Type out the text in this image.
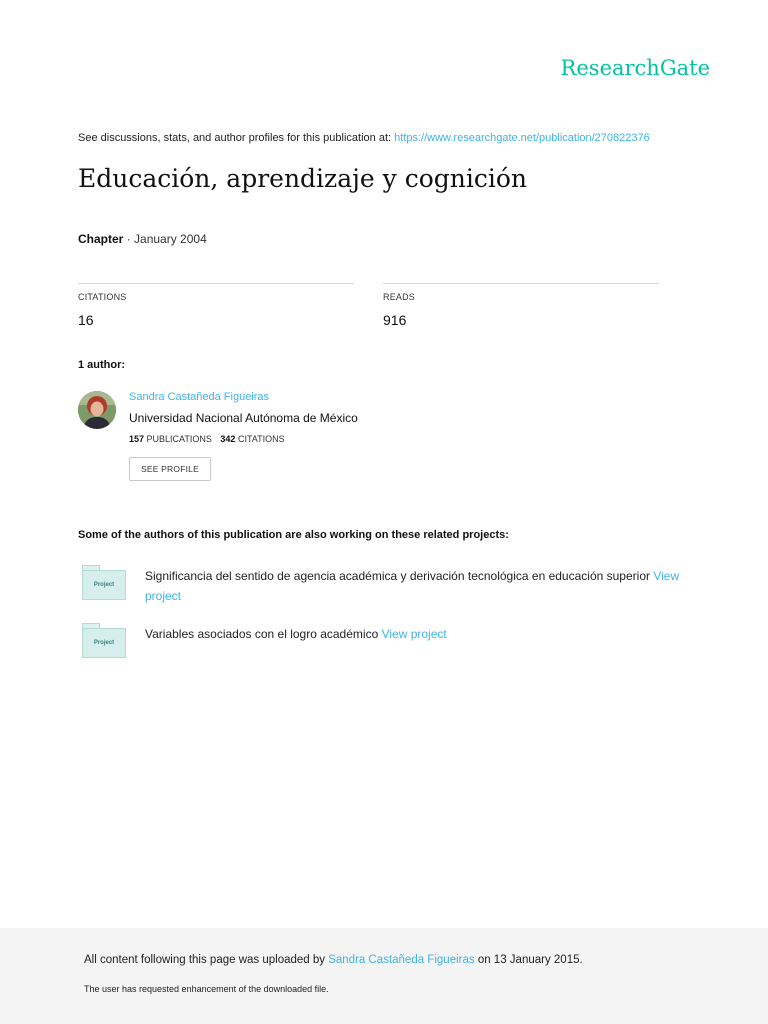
ResearchGate
See discussions, stats, and author profiles for this publication at: https://www.researchgate.net/publication/270822376
Educación, aprendizaje y cognición
Chapter · January 2004
CITATIONS
16
READS
916
1 author:
Sandra Castañeda Figueiras
Universidad Nacional Autónoma de México
157 PUBLICATIONS 342 CITATIONS
SEE PROFILE
Some of the authors of this publication are also working on these related projects:
Project
Significancia del sentido de agencia académica y derivación tecnológica en educación superior View project
Project
Variables asociados con el logro académico View project
All content following this page was uploaded by Sandra Castañeda Figueiras on 13 January 2015.
The user has requested enhancement of the downloaded file.
